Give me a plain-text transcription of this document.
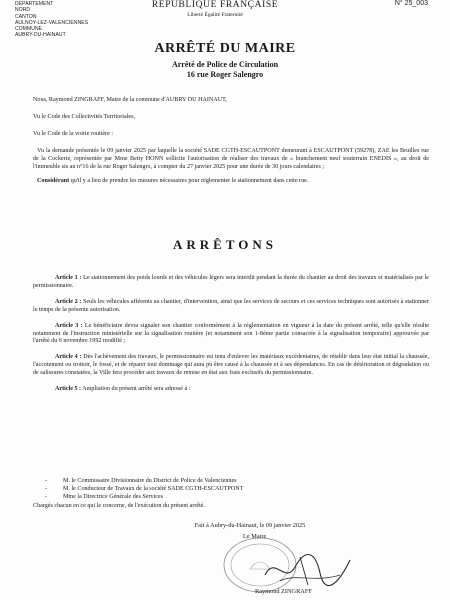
DEPARTEMENT
NORD
CANTON
AULNOY-LEZ-VALENCIENNES
COMMUNE
AUBRY-DU-HAINAUT
RÉPUBLIQUE FRANÇAISE
Liberté Égalité Fraternité
N° 25_003
ARRÊTÉ DU MAIRE
Arrêté de Police de Circulation
16 rue Roger Salengro

Nous, Raymond ZINGRAFF, Maire de la commune d'AUBRY DU HAINAUT,

Vu le Code des Collectivités Territoriales,

Vu le Code de la voirie routière :

Vu la demande présentée le 09 janvier 2025 par laquelle la société SADE CGTH-ESCAUTPONT demeurant à ESCAUTPONT (59278), ZAE les Bruilles rue de la Cockerie, représentée par Mme Betty HONN sollicite l'autorisation de réaliser des travaux de « branchement neuf souterrain ENEDIS », au droit de l'immeuble sis au n°16 de la rue Roger Salengro, à compter du 27 janvier 2025 pour une durée de 30 jours calendaires ;

Considérant qu'il y a lieu de prendre les mesures nécessaires pour réglementer le stationnement dans cette rue.

ARRÊTONS

Article 1 : Le stationnement des poids lourds et des véhicules légers sera interdit pendant la durée du chantier au droit des travaux et matérialisés par le permissionnaire.

Article 2 : Seuls les véhicules afférents au chantier, d'intervention, ainsi que les services de secours et ces services techniques sont autorisés à stationner le temps de la présente autorisation.

Article 3 : Le bénéficiaire devra signaler son chantier conformément à la réglementation en vigueur à la date du présent arrêté, telle qu'elle résulte notamment de l'instruction ministérielle sur la signalisation routière (et notamment son 1-8ème partie consacrée à la signalisation temporaire) approuvée par l'arrêté du 6 novembre 1992 modifié ;

Article 4 : Dès l'achèvement des travaux, le permissionnaire est tenu d'enlever les matériaux excédentaires, de rétablir dans leur état initial la chaussée, l'accotement ou trottoir, le fossé, et de réparer tout dommage qui aura pu être causé à la chaussée et à ses dépendances. En cas de détérioration et dégradation ou de salissures constatées, la Ville fera procéder aux travaux de remise en état aux frais exclusifs du permissionnaire.

Article 5 : Ampliation du présent arrêté sera adressé à :

-	M. le Commissaire Divisionnaire du District de Police de Valenciennes
-	M. le Conducteur de Travaux de la société SADE CGTH-ESCAUTPONT
-	Mme la Directrice Générale des Services
Chargés chacun en ce qui le concerne, de l'exécution du présent arrêté.
Fait à Aubry-du-Hainaut, le 09 janvier 2025
Le Maire
Raymond ZINGRAFF
